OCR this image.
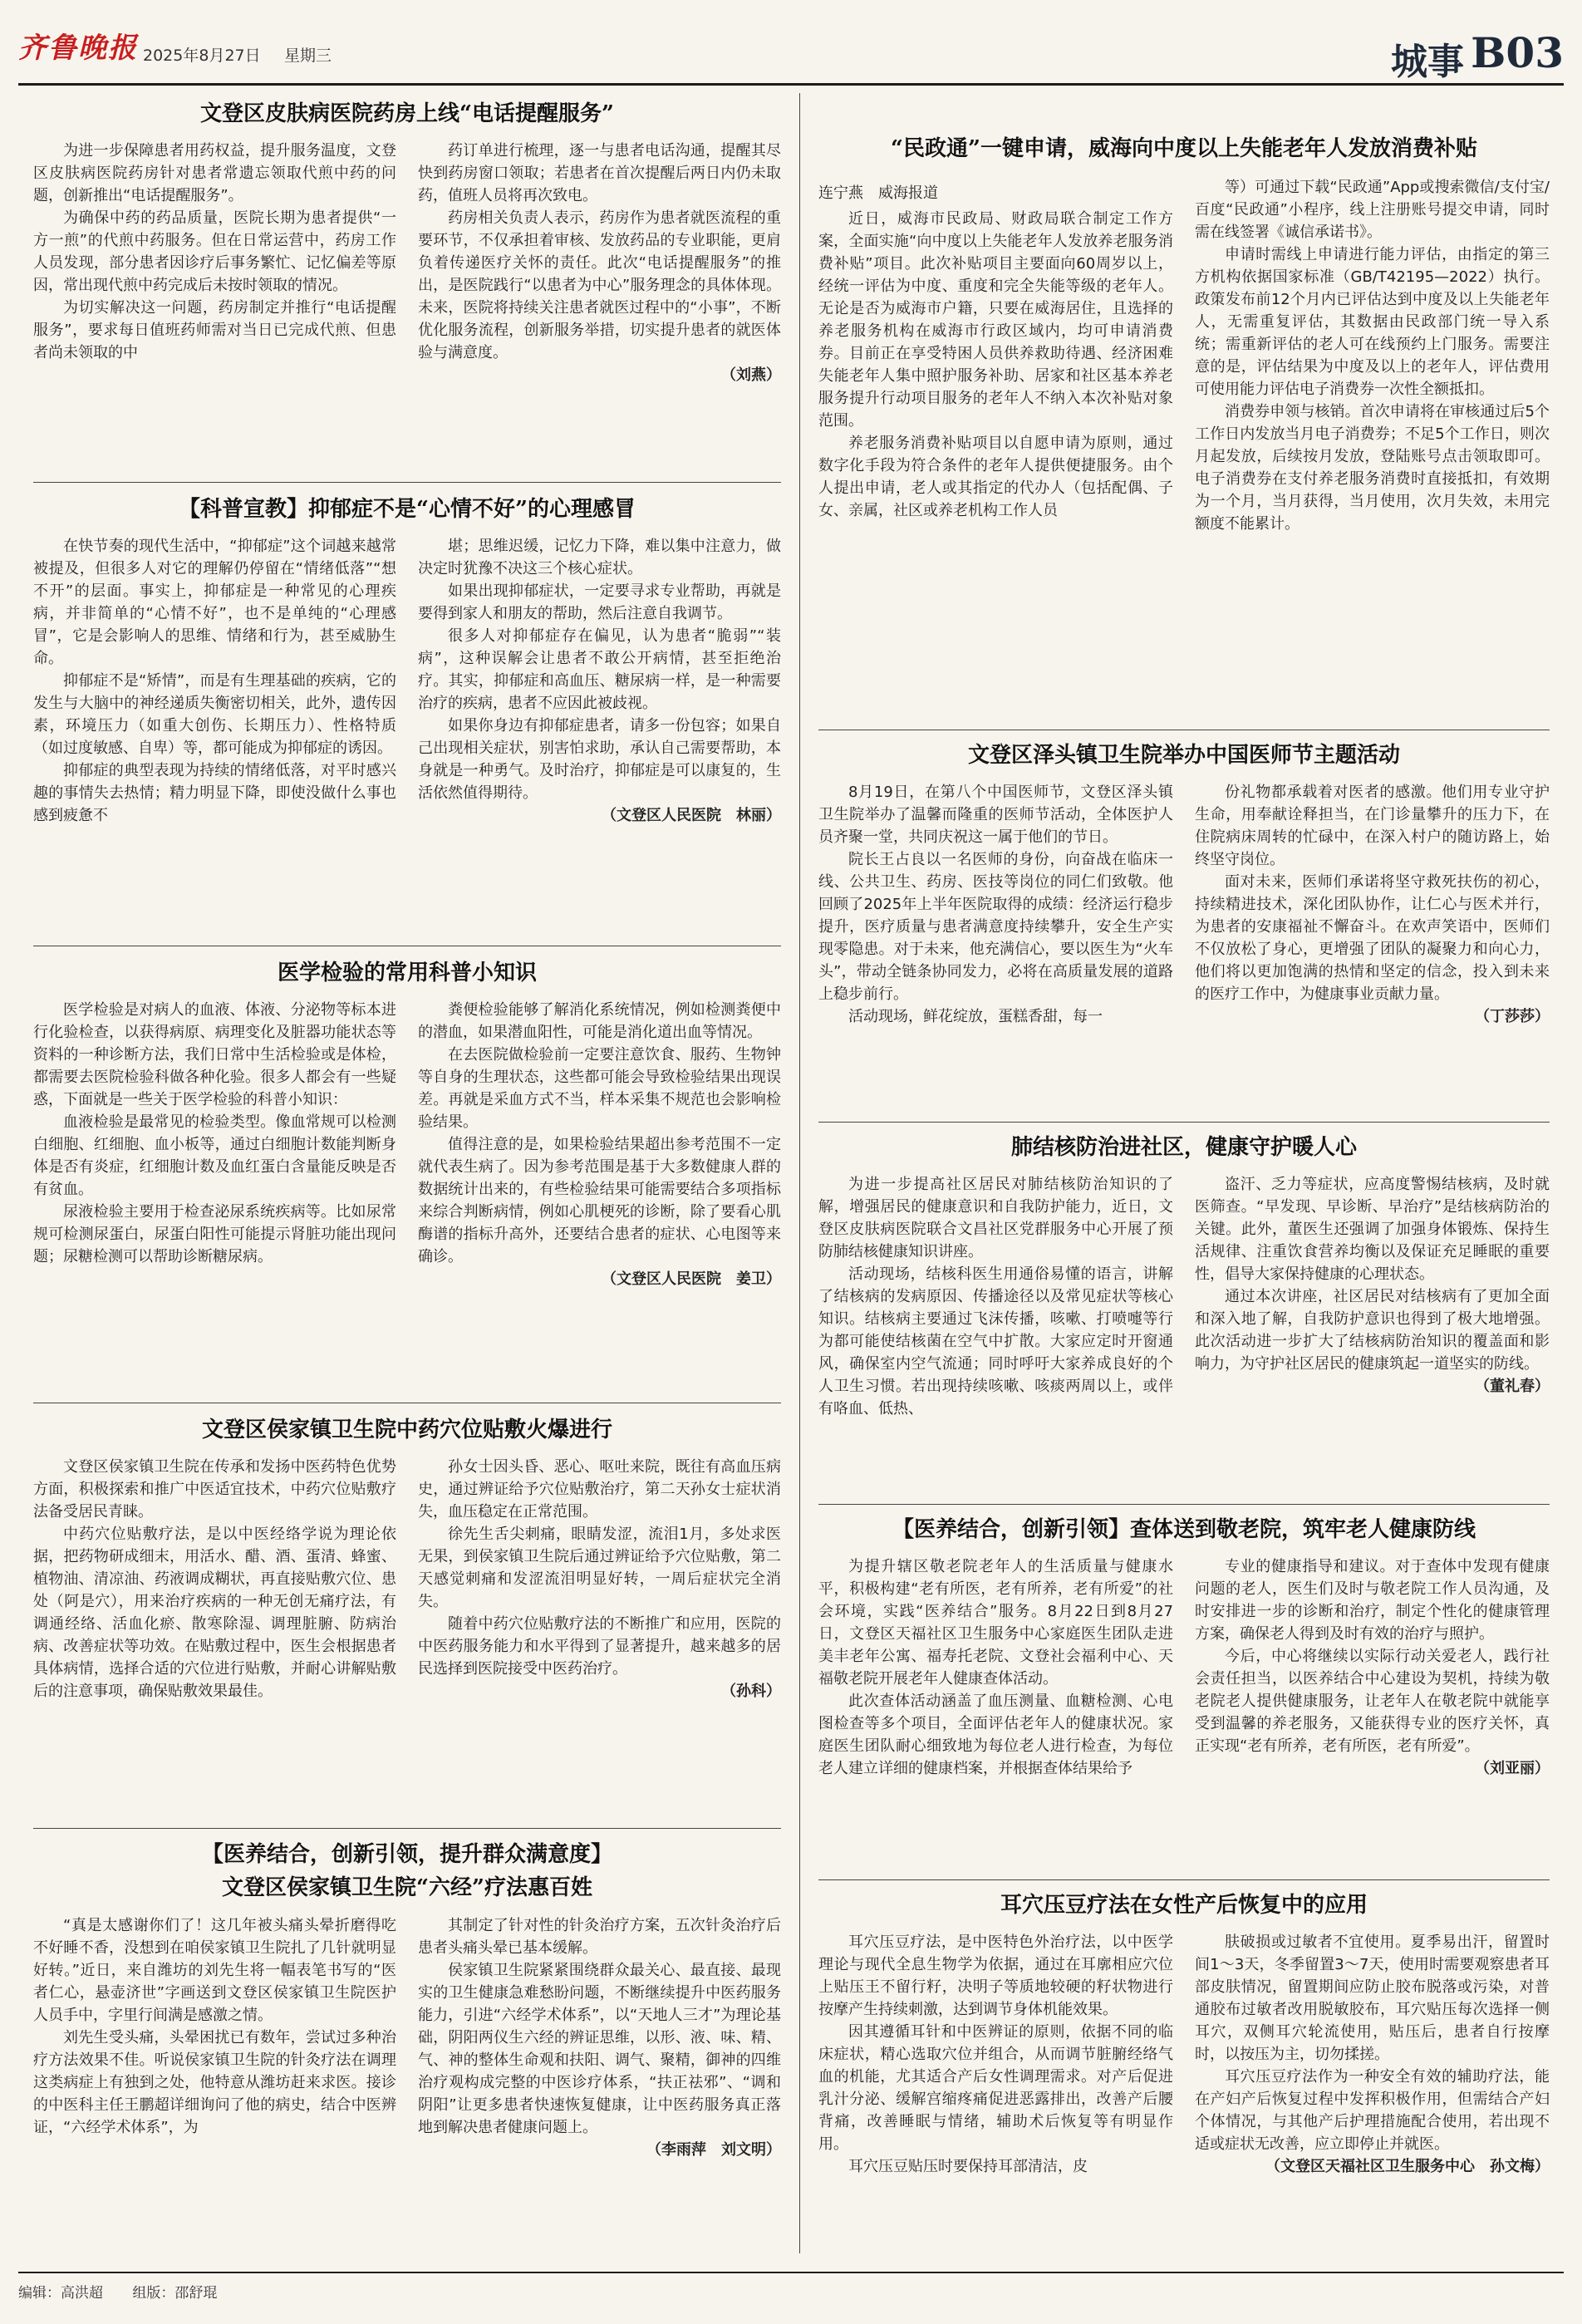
齐鲁晚报 2025年8月27日 星期三	城事 B03
文登区皮肤病医院药房上线“电话提醒服务”

为进一步保障患者用药权益，提升服务温度，文登区皮肤病医院药房针对患者常遗忘领取代煎中药的问题，创新推出“电话提醒服务”。

为确保中药的药品质量，医院长期为患者提供“一方一煎”的代煎中药服务。但在日常运营中，药房工作人员发现，部分患者因诊疗后事务繁忙、记忆偏差等原因，常出现代煎中药完成后未按时领取的情况。

为切实解决这一问题，药房制定并推行“电话提醒服务”，要求每日值班药师需对当日已完成代煎、但患者尚未领取的中

药订单进行梳理，逐一与患者电话沟通，提醒其尽快到药房窗口领取；若患者在首次提醒后两日内仍未取药，值班人员将再次致电。

药房相关负责人表示，药房作为患者就医流程的重要环节，不仅承担着审核、发放药品的专业职能，更肩负着传递医疗关怀的责任。此次“电话提醒服务”的推出，是医院践行“以患者为中心”服务理念的具体体现。未来，医院将持续关注患者就医过程中的“小事”，不断优化服务流程，创新服务举措，切实提升患者的就医体验与满意度。

（刘燕）

【科普宣教】抑郁症不是“心情不好”的心理感冒

在快节奏的现代生活中，“抑郁症”这个词越来越常被提及，但很多人对它的理解仍停留在“情绪低落”“想不开”的层面。事实上，抑郁症是一种常见的心理疾病，并非简单的“心情不好”，也不是单纯的“心理感冒”，它是会影响人的思维、情绪和行为，甚至威胁生命。

抑郁症不是“矫情”，而是有生理基础的疾病，它的发生与大脑中的神经递质失衡密切相关，此外，遗传因素，环境压力（如重大创伤、长期压力）、性格特质（如过度敏感、自卑）等，都可能成为抑郁症的诱因。

抑郁症的典型表现为持续的情绪低落，对平时感兴趣的事情失去热情；精力明显下降，即使没做什么事也感到疲惫不

堪；思维迟缓，记忆力下降，难以集中注意力，做决定时犹豫不决这三个核心症状。

如果出现抑郁症状，一定要寻求专业帮助，再就是要得到家人和朋友的帮助，然后注意自我调节。

很多人对抑郁症存在偏见，认为患者“脆弱”“装病”，这种误解会让患者不敢公开病情，甚至拒绝治疗。其实，抑郁症和高血压、糖尿病一样，是一种需要治疗的疾病，患者不应因此被歧视。

如果你身边有抑郁症患者，请多一份包容；如果自己出现相关症状，别害怕求助，承认自己需要帮助，本身就是一种勇气。及时治疗，抑郁症是可以康复的，生活依然值得期待。

（文登区人民医院　林丽）

医学检验的常用科普小知识

医学检验是对病人的血液、体液、分泌物等标本进行化验检查，以获得病原、病理变化及脏器功能状态等资料的一种诊断方法，我们日常中生活检验或是体检，都需要去医院检验科做各种化验。很多人都会有一些疑惑，下面就是一些关于医学检验的科普小知识：

血液检验是最常见的检验类型。像血常规可以检测白细胞、红细胞、血小板等，通过白细胞计数能判断身体是否有炎症，红细胞计数及血红蛋白含量能反映是否有贫血。

尿液检验主要用于检查泌尿系统疾病等。比如尿常规可检测尿蛋白，尿蛋白阳性可能提示肾脏功能出现问题；尿糖检测可以帮助诊断糖尿病。

粪便检验能够了解消化系统情况，例如检测粪便中的潜血，如果潜血阳性，可能是消化道出血等情况。

在去医院做检验前一定要注意饮食、服药、生物钟等自身的生理状态，这些都可能会导致检验结果出现误差。再就是采血方式不当，样本采集不规范也会影响检验结果。

值得注意的是，如果检验结果超出参考范围不一定就代表生病了。因为参考范围是基于大多数健康人群的数据统计出来的，有些检验结果可能需要结合多项指标来综合判断病情，例如心肌梗死的诊断，除了要看心肌酶谱的指标升高外，还要结合患者的症状、心电图等来确诊。

（文登区人民医院　姜卫）

文登区侯家镇卫生院中药穴位贴敷火爆进行

文登区侯家镇卫生院在传承和发扬中医药特色优势方面，积极探索和推广中医适宜技术，中药穴位贴敷疗法备受居民青睐。

中药穴位贴敷疗法，是以中医经络学说为理论依据，把药物研成细末，用活水、醋、酒、蛋清、蜂蜜、植物油、清凉油、药液调成糊状，再直接贴敷穴位、患处（阿是穴），用来治疗疾病的一种无创无痛疗法，有调通经络、活血化瘀、散寒除湿、调理脏腑、防病治病、改善症状等功效。在贴敷过程中，医生会根据患者具体病情，选择合适的穴位进行贴敷，并耐心讲解贴敷后的注意事项，确保贴敷效果最佳。

孙女士因头昏、恶心、呕吐来院，既往有高血压病史，通过辨证给予穴位贴敷治疗，第二天孙女士症状消失，血压稳定在正常范围。

徐先生舌尖刺痛，眼睛发涩，流泪1月，多处求医无果，到侯家镇卫生院后通过辨证给予穴位贴敷，第二天感觉刺痛和发涩流泪明显好转，一周后症状完全消失。

随着中药穴位贴敷疗法的不断推广和应用，医院的中医药服务能力和水平得到了显著提升，越来越多的居民选择到医院接受中医药治疗。

（孙科）

【医养结合，创新引领，提升群众满意度】
文登区侯家镇卫生院“六经”疗法惠百姓

“真是太感谢你们了！这几年被头痛头晕折磨得吃不好睡不香，没想到在咱侯家镇卫生院扎了几针就明显好转。”近日，来自潍坊的刘先生将一幅表笔书写的“医者仁心，悬壶济世”字画送到文登区侯家镇卫生院医护人员手中，字里行间满是感激之情。

刘先生受头痛，头晕困扰已有数年，尝试过多种治疗方法效果不佳。听说侯家镇卫生院的针灸疗法在调理这类病症上有独到之处，他特意从潍坊赶来求医。接诊的中医科主任王鹏超详细询问了他的病史，结合中医辨证，“六经学术体系”，为

其制定了针对性的针灸治疗方案，五次针灸治疗后患者头痛头晕已基本缓解。

侯家镇卫生院紧紧围绕群众最关心、最直接、最现实的卫生健康急难愁盼问题，不断继续提升中医药服务能力，引进“六经学术体系”，以“天地人三才”为理论基础，阴阳两仪生六经的辨证思维，以形、液、味、精、气、神的整体生命观和扶阳、调气、聚精，御神的四维治疗观构成完整的中医诊疗体系，“扶正祛邪”、“调和阴阳”让更多患者快速恢复健康，让中医药服务真正落地到解决患者健康问题上。

（李雨萍　刘文明）

“民政通”一键申请，威海向中度以上失能老年人发放消费补贴
连宁燕　威海报道

近日，威海市民政局、财政局联合制定工作方案，全面实施“向中度以上失能老年人发放养老服务消费补贴”项目。此次补贴项目主要面向60周岁以上，经统一评估为中度、重度和完全失能等级的老年人。无论是否为威海市户籍，只要在威海居住，且选择的养老服务机构在威海市行政区域内，均可申请消费券。目前正在享受特困人员供养救助待遇、经济困难失能老年人集中照护服务补助、居家和社区基本养老服务提升行动项目服务的老年人不纳入本次补贴对象范围。

养老服务消费补贴项目以自愿申请为原则，通过数字化手段为符合条件的老年人提供便捷服务。由个人提出申请，老人或其指定的代办人（包括配偶、子女、亲属，社区或养老机构工作人员

等）可通过下载“民政通”App或搜索微信/支付宝/百度“民政通”小程序，线上注册账号提交申请，同时需在线签署《诚信承诺书》。

申请时需线上申请进行能力评估，由指定的第三方机构依据国家标准（GB/T42195—2022）执行。政策发布前12个月内已评估达到中度及以上失能老年人，无需重复评估，其数据由民政部门统一导入系统；需重新评估的老人可在线预约上门服务。需要注意的是，评估结果为中度及以上的老年人，评估费用可使用能力评估电子消费券一次性全额抵扣。

消费券申领与核销。首次申请将在审核通过后5个工作日内发放当月电子消费券；不足5个工作日，则次月起发放，后续按月发放，登陆账号点击领取即可。电子消费券在支付养老服务消费时直接抵扣，有效期为一个月，当月获得，当月使用，次月失效，未用完额度不能累计。

文登区泽头镇卫生院举办中国医师节主题活动

8月19日，在第八个中国医师节，文登区泽头镇卫生院举办了温馨而隆重的医师节活动，全体医护人员齐聚一堂，共同庆祝这一属于他们的节日。

院长王占良以一名医师的身份，向奋战在临床一线、公共卫生、药房、医技等岗位的同仁们致敬。他回顾了2025年上半年医院取得的成绩：经济运行稳步提升，医疗质量与患者满意度持续攀升，安全生产实现零隐患。对于未来，他充满信心，要以医生为“火车头”，带动全链条协同发力，必将在高质量发展的道路上稳步前行。

活动现场，鲜花绽放，蛋糕香甜，每一

份礼物都承载着对医者的感激。他们用专业守护生命，用奉献诠释担当，在门诊量攀升的压力下，在住院病床周转的忙碌中，在深入村户的随访路上，始终坚守岗位。

面对未来，医师们承诺将坚守救死扶伤的初心，持续精进技术，深化团队协作，让仁心与医术并行，为患者的安康福祉不懈奋斗。在欢声笑语中，医师们不仅放松了身心，更增强了团队的凝聚力和向心力，他们将以更加饱满的热情和坚定的信念，投入到未来的医疗工作中，为健康事业贡献力量。

（丁莎莎）

肺结核防治进社区，健康守护暖人心

为进一步提高社区居民对肺结核防治知识的了解，增强居民的健康意识和自我防护能力，近日，文登区皮肤病医院联合文昌社区党群服务中心开展了预防肺结核健康知识讲座。

活动现场，结核科医生用通俗易懂的语言，讲解了结核病的发病原因、传播途径以及常见症状等核心知识。结核病主要通过飞沫传播，咳嗽、打喷嚏等行为都可能使结核菌在空气中扩散。大家应定时开窗通风，确保室内空气流通；同时呼吁大家养成良好的个人卫生习惯。若出现持续咳嗽、咳痰两周以上，或伴有咯血、低热、

盗汗、乏力等症状，应高度警惕结核病，及时就医筛查。“早发现、早诊断、早治疗”是结核病防治的关键。此外，董医生还强调了加强身体锻炼、保持生活规律、注重饮食营养均衡以及保证充足睡眠的重要性，倡导大家保持健康的心理状态。

通过本次讲座，社区居民对结核病有了更加全面和深入地了解，自我防护意识也得到了极大地增强。此次活动进一步扩大了结核病防治知识的覆盖面和影响力，为守护社区居民的健康筑起一道坚实的防线。

（董礼春）

【医养结合，创新引领】查体送到敬老院，筑牢老人健康防线

为提升辖区敬老院老年人的生活质量与健康水平，积极构建“老有所医，老有所养，老有所爱”的社会环境，实践“医养结合”服务。8月22日到8月27日，文登区天福社区卫生服务中心家庭医生团队走进美丰老年公寓、福寿托老院、文登社会福利中心、天福敬老院开展老年人健康查体活动。

此次查体活动涵盖了血压测量、血糖检测、心电图检查等多个项目，全面评估老年人的健康状况。家庭医生团队耐心细致地为每位老人进行检查，为每位老人建立详细的健康档案，并根据查体结果给予

专业的健康指导和建议。对于查体中发现有健康问题的老人，医生们及时与敬老院工作人员沟通，及时安排进一步的诊断和治疗，制定个性化的健康管理方案，确保老人得到及时有效的治疗与照护。

今后，中心将继续以实际行动关爱老人，践行社会责任担当，以医养结合中心建设为契机，持续为敬老院老人提供健康服务，让老年人在敬老院中就能享受到温馨的养老服务，又能获得专业的医疗关怀，真正实现“老有所养，老有所医，老有所爱”。

（刘亚丽）

耳穴压豆疗法在女性产后恢复中的应用

耳穴压豆疗法，是中医特色外治疗法，以中医学理论与现代全息生物学为依据，通过在耳廓相应穴位上贴压王不留行籽，决明子等质地较硬的籽状物进行按摩产生持续刺激，达到调节身体机能效果。

因其遵循耳针和中医辨证的原则，依据不同的临床症状，精心选取穴位并组合，从而调节脏腑经络气血的机能，尤其适合产后女性调理需求。对产后促进乳汁分泌、缓解宫缩疼痛促进恶露排出，改善产后腰背痛，改善睡眠与情绪，辅助术后恢复等有明显作用。

耳穴压豆贴压时要保持耳部清洁，皮

肤破损或过敏者不宜使用。夏季易出汗，留置时间1～3天，冬季留置3～7天，使用时需要观察患者耳部皮肤情况，留置期间应防止胶布脱落或污染，对普通胶布过敏者改用脱敏胶布，耳穴贴压每次选择一侧耳穴，双侧耳穴轮流使用，贴压后，患者自行按摩时，以按压为主，切勿揉搓。

耳穴压豆疗法作为一种安全有效的辅助疗法，能在产妇产后恢复过程中发挥积极作用，但需结合产妇个体情况，与其他产后护理措施配合使用，若出现不适或症状无改善，应立即停止并就医。

（文登区天福社区卫生服务中心　孙文梅）

编辑：高洪超 组版：邵舒琨
